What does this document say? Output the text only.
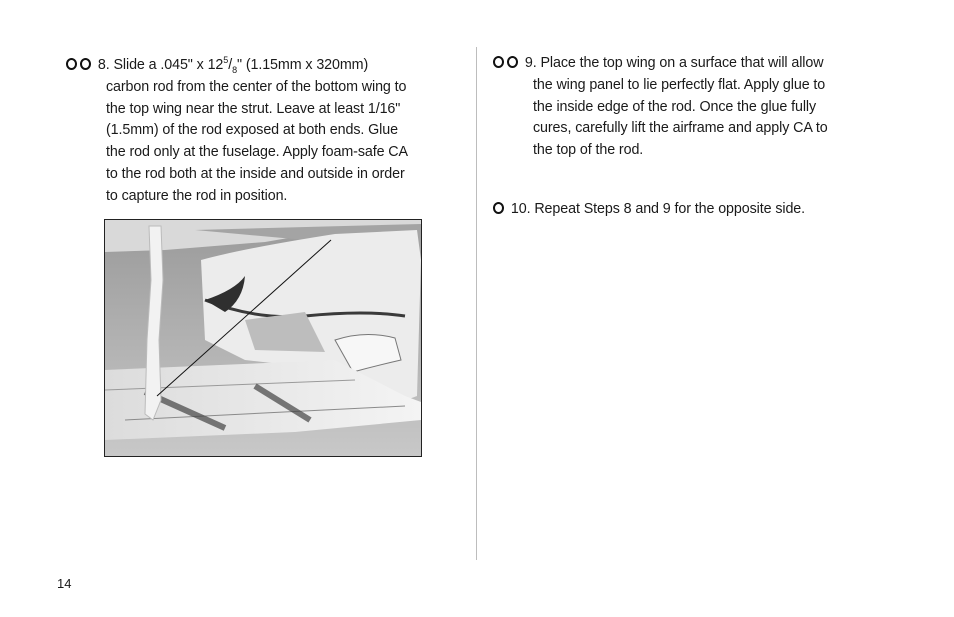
8. Slide a .045" x $12^5/_8$" (1.15mm x 320mm)
carbon rod from the center of the bottom wing to
the top wing near the strut. Leave at least 1/16"
(1.5mm) of the rod exposed at both ends. Glue
the rod only at the fuselage. Apply foam-safe CA
to the rod both at the inside and outside in order
to capture the rod in position.
9. Place the top wing on a surface that will allow
the wing panel to lie perfectly flat. Apply glue to
the inside edge of the rod. Once the glue fully
cures, carefully lift the airframe and apply CA to
the top of the rod.
10. Repeat Steps 8 and 9 for the opposite side.
14
